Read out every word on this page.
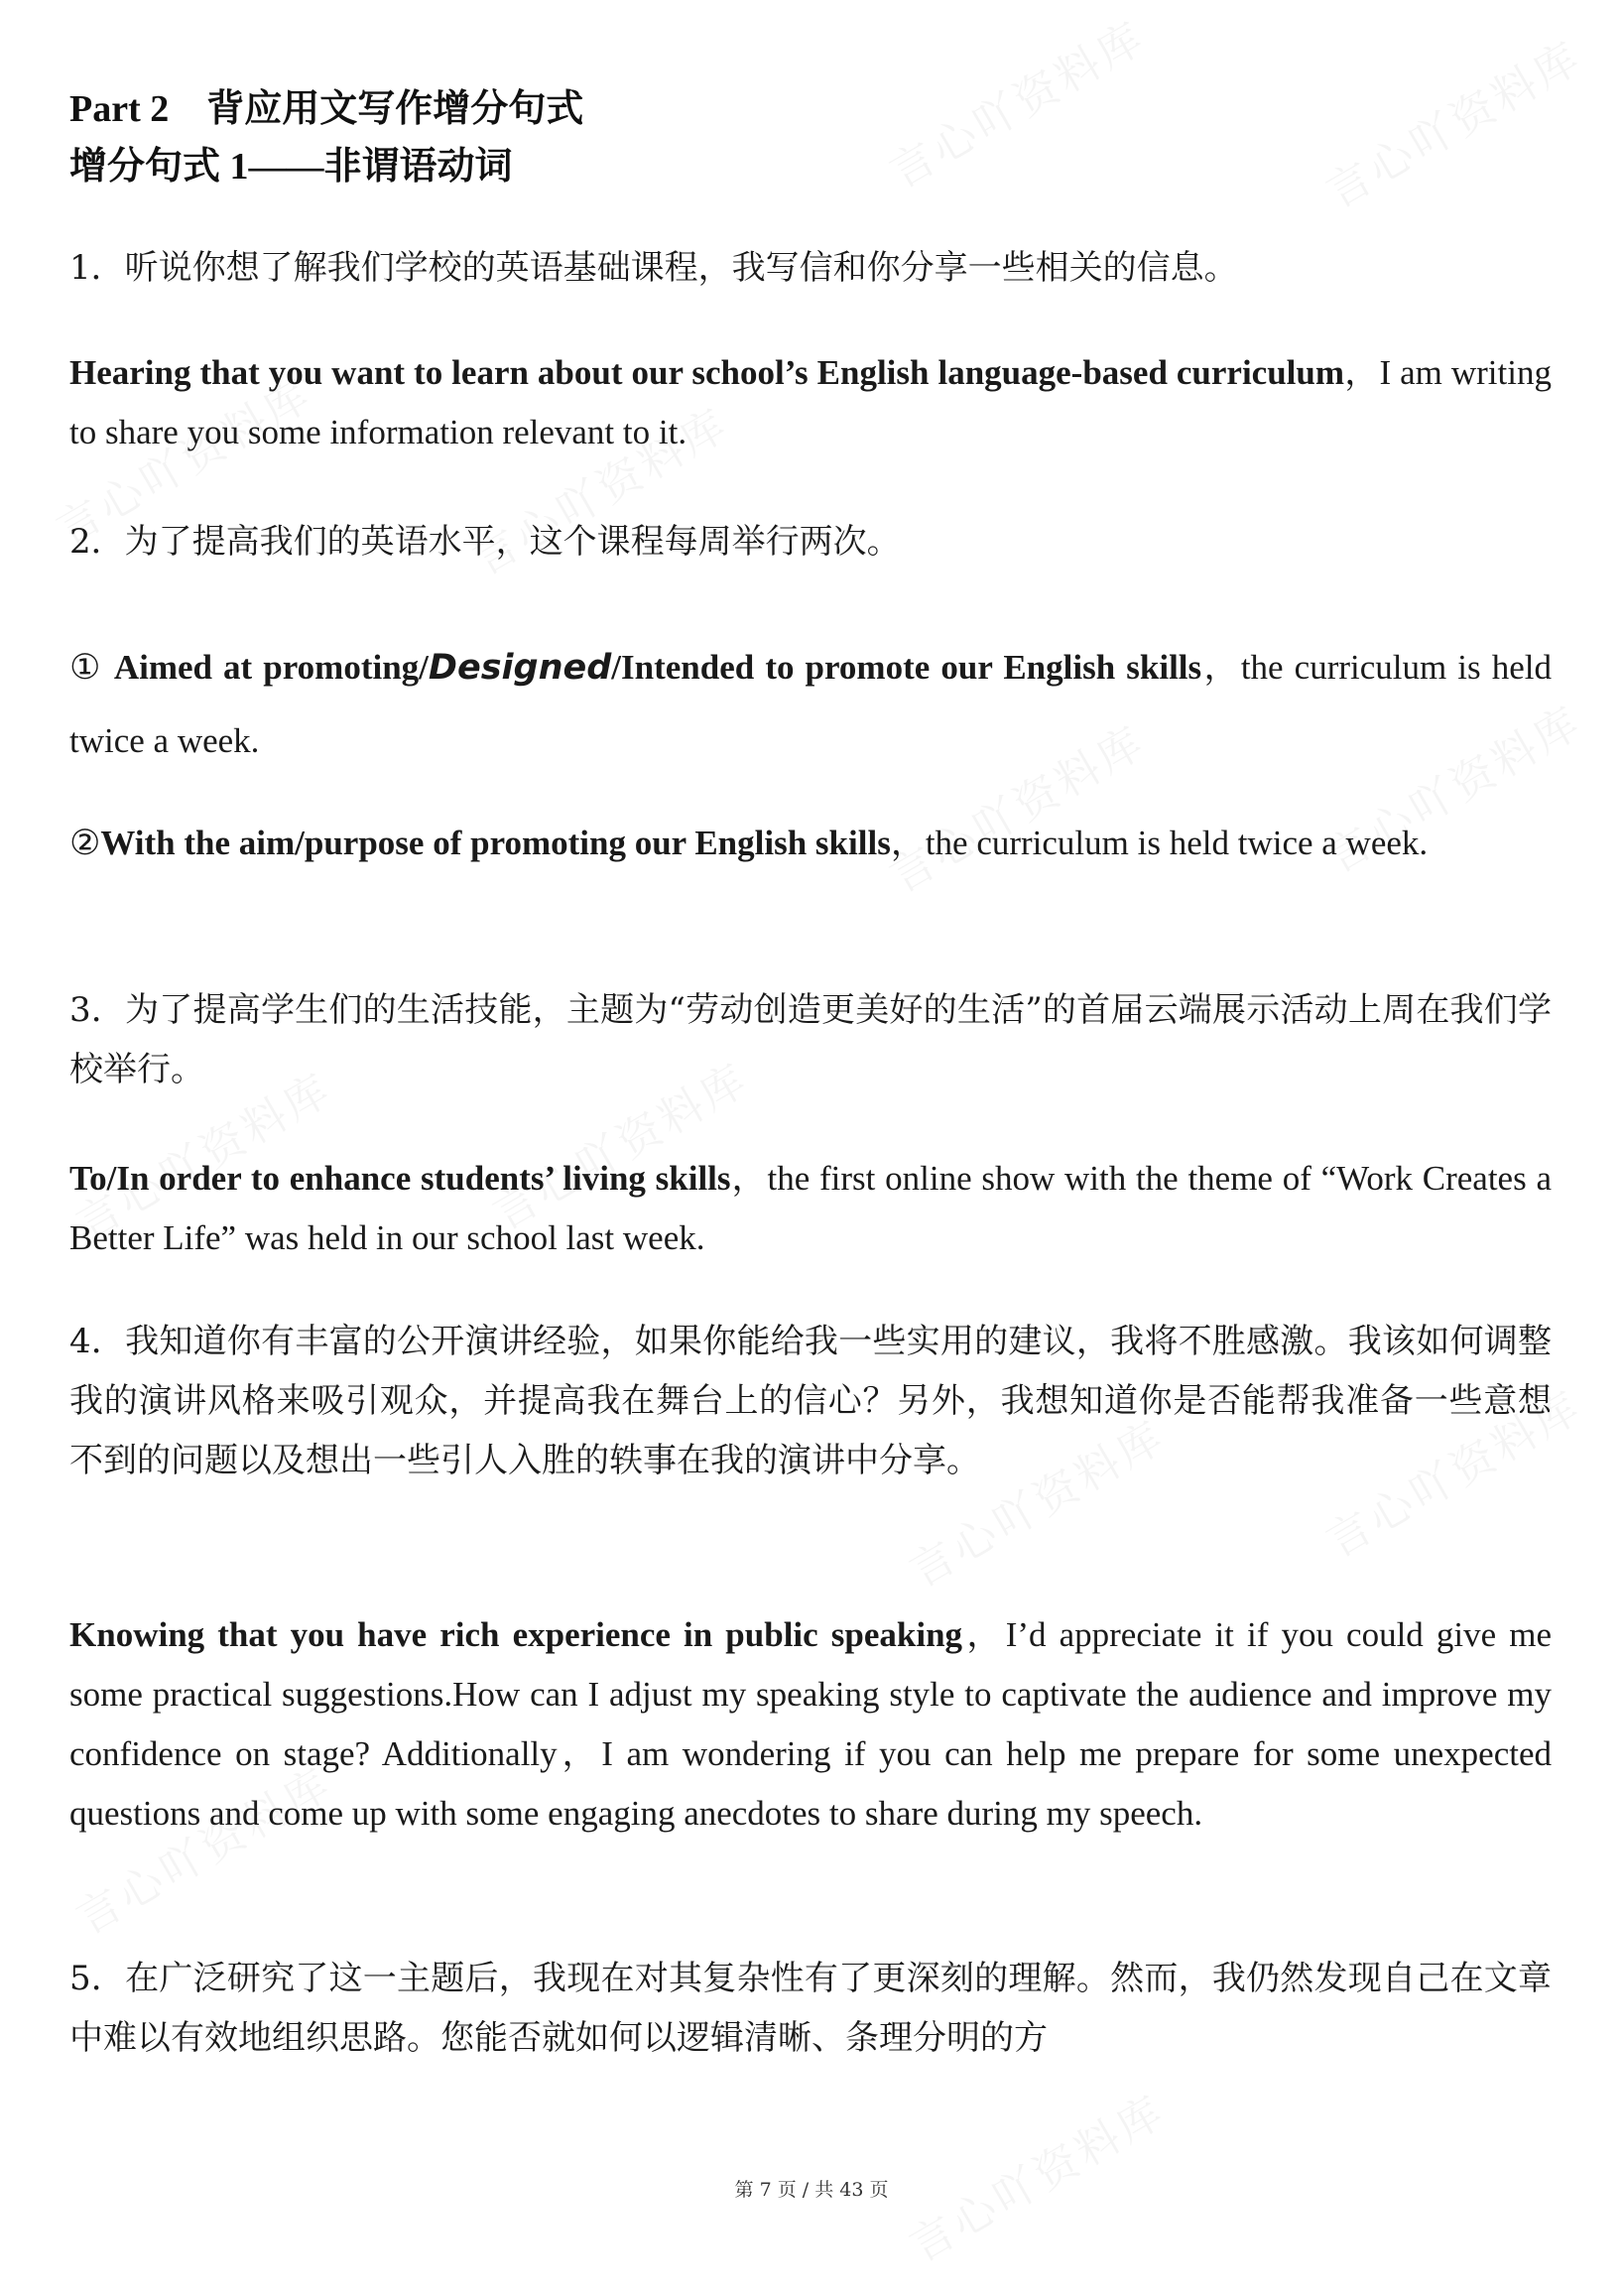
Part 2　背应用文写作增分句式
增分句式 1——非谓语动词
1．听说你想了解我们学校的英语基础课程，我写信和你分享一些相关的信息。
Hearing that you want to learn about our school’s English language-based curriculum，I am writing to share you some information relevant to it.
2．为了提高我们的英语水平，这个课程每周举行两次。
① Aimed at promoting/Designed/Intended to promote our English skills，the curriculum is held twice a week.
②With the aim/purpose of promoting our English skills，the curriculum is held twice a week.
3．为了提高学生们的生活技能，主题为“劳动创造更美好的生活”的首届云端展示活动上周在我们学校举行。
To/In order to enhance students’ living skills，the first online show with the theme of “Work Creates a Better Life” was held in our school last week.
4．我知道你有丰富的公开演讲经验，如果你能给我一些实用的建议，我将不胜感激。我该如何调整我的演讲风格来吸引观众，并提高我在舞台上的信心？另外，我想知道你是否能帮我准备一些意想不到的问题以及想出一些引人入胜的轶事在我的演讲中分享。
Knowing that you have rich experience in public speaking，I’d appreciate it if you could give me some practical suggestions.How can I adjust my speaking style to captivate the audience and improve my confidence on stage? Additionally，I am wondering if you can help me prepare for some unexpected questions and come up with some engaging anecdotes to share during my speech.
5．在广泛研究了这一主题后，我现在对其复杂性有了更深刻的理解。然而，我仍然发现自己在文章中难以有效地组织思路。您能否就如何以逻辑清晰、条理分明的方
第 7 页 / 共 43 页
